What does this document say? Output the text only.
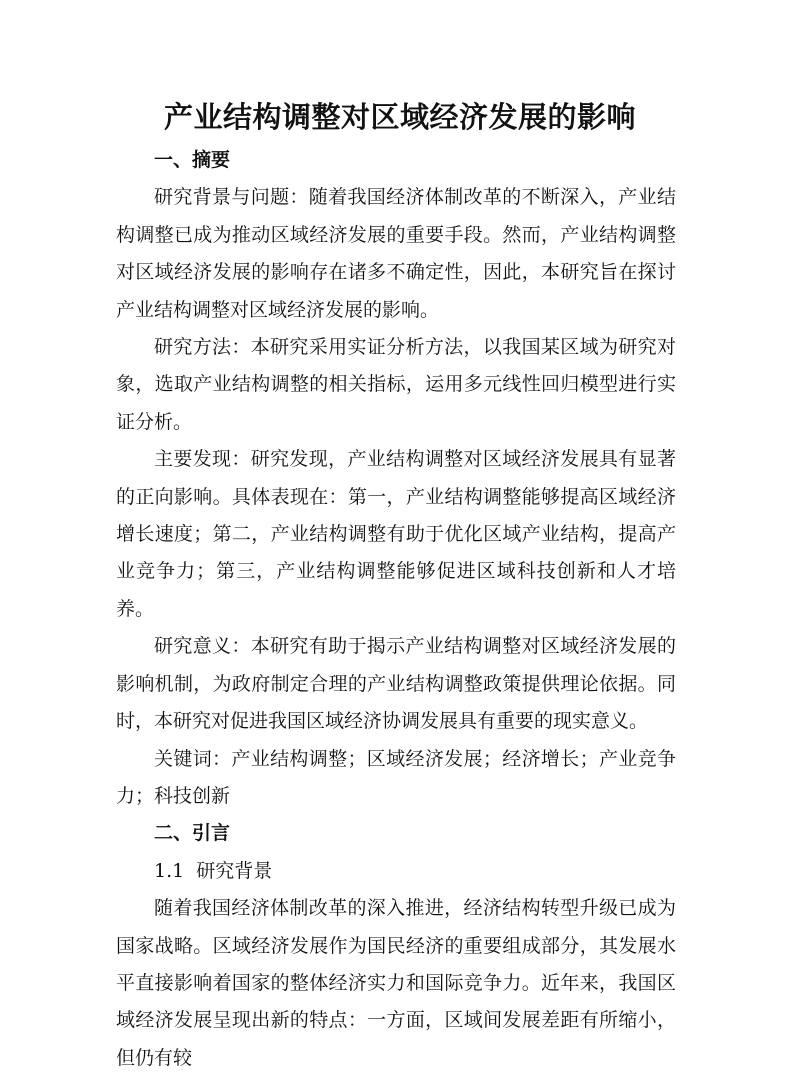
产业结构调整对区域经济发展的影响

一、摘要

研究背景与问题：随着我国经济体制改革的不断深入，产业结构调整已成为推动区域经济发展的重要手段。然而，产业结构调整对区域经济发展的影响存在诸多不确定性，因此，本研究旨在探讨产业结构调整对区域经济发展的影响。

研究方法：本研究采用实证分析方法，以我国某区域为研究对象，选取产业结构调整的相关指标，运用多元线性回归模型进行实证分析。

主要发现：研究发现，产业结构调整对区域经济发展具有显著的正向影响。具体表现在：第一，产业结构调整能够提高区域经济增长速度；第二，产业结构调整有助于优化区域产业结构，提高产业竞争力；第三，产业结构调整能够促进区域科技创新和人才培养。

研究意义：本研究有助于揭示产业结构调整对区域经济发展的影响机制，为政府制定合理的产业结构调整政策提供理论依据。同时，本研究对促进我国区域经济协调发展具有重要的现实意义。

关键词：产业结构调整；区域经济发展；经济增长；产业竞争力；科技创新

二、引言

1.1  研究背景

随着我国经济体制改革的深入推进，经济结构转型升级已成为国家战略。区域经济发展作为国民经济的重要组成部分，其发展水平直接影响着国家的整体经济实力和国际竞争力。近年来，我国区域经济发展呈现出新的特点：一方面，区域间发展差距有所缩小，但仍有较
